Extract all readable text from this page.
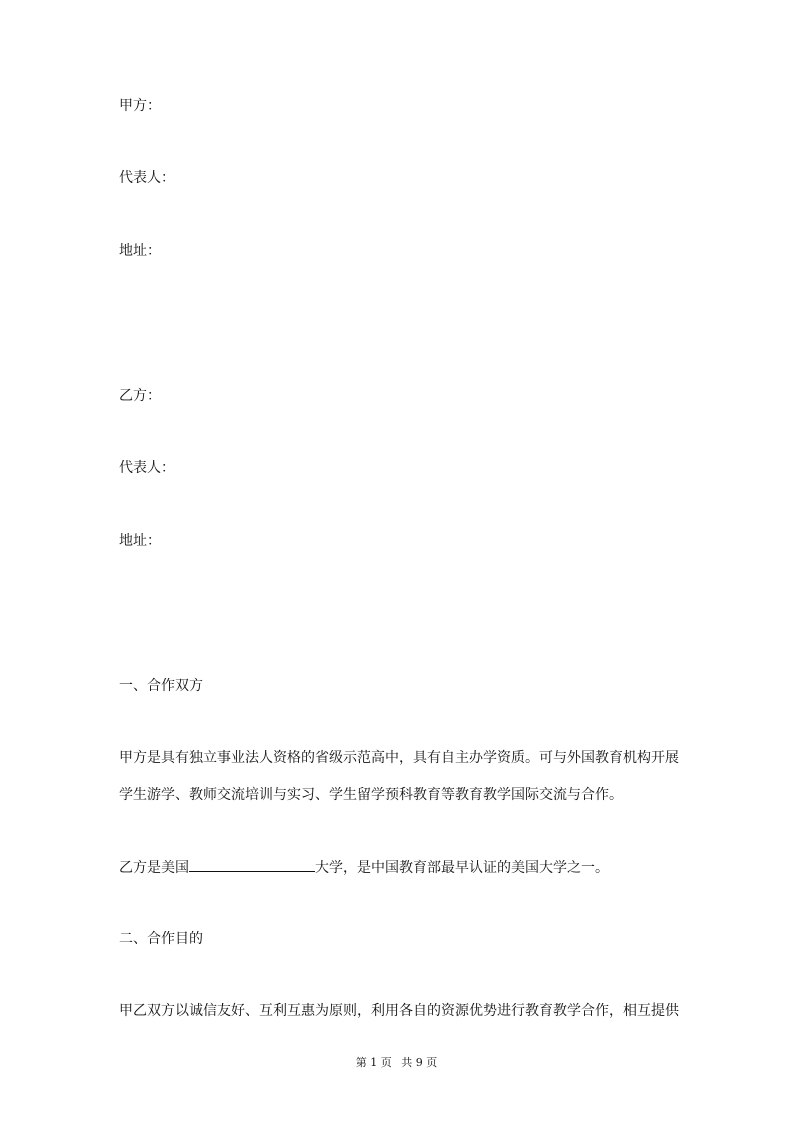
甲方：
代表人：
地址：
乙方：
代表人：
地址：
一、合作双方
甲方是具有独立事业法人资格的省级示范高中，具有自主办学资质。可与外国教育机构开展
学生游学、教师交流培训与实习、学生留学预科教育等教育教学国际交流与合作。
乙方是美国	大学，是中国教育部最早认证的美国大学之一。
二、合作目的
甲乙双方以诚信友好、互利互惠为原则，利用各自的资源优势进行教育教学合作，相互提供
第 1 页 共 9 页
